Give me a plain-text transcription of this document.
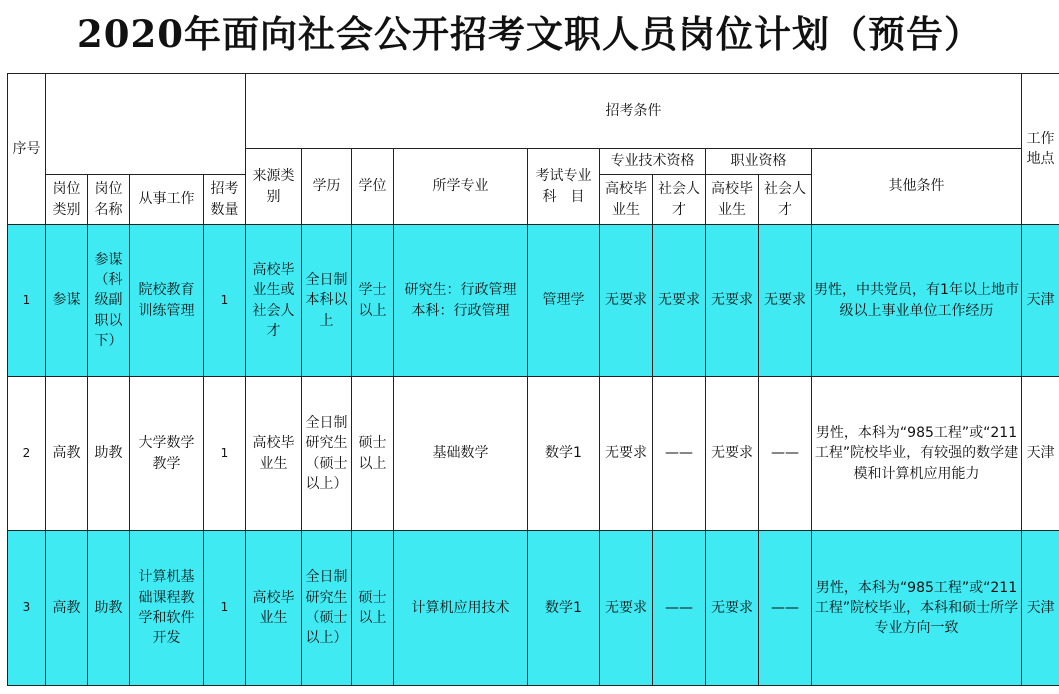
2020年面向社会公开招考文职人员岗位计划（预告）
序号					招考条件										工作地点
					来源类别	学历	学位	所学专业	考试专业科　目	专业技术资格		职业资格		其他条件	
	岗位类别	岗位名称	从事工作	招考数量						高校毕业生	社会人才	高校毕业生	社会人才		
1	参谋	参谋（科级副职以下）	院校教育训练管理	1	高校毕业生或社会人才	全日制本科以上	学士以上	研究生：行政管理
本科：行政管理	管理学	无要求	无要求	无要求	无要求	男性，中共党员，有1年以上地市级以上事业单位工作经历	天津
2	高教	助教	大学数学教学	1	高校毕业生	全日制研究生（硕士以上）	硕士以上	基础数学	数学1	无要求	——	无要求	——	男性，本科为“985工程”或“211工程”院校毕业，有较强的数学建模和计算机应用能力	天津
3	高教	助教	计算机基础课程教学和软件开发	1	高校毕业生	全日制研究生（硕士以上）	硕士以上	计算机应用技术	数学1	无要求	——	无要求	——	男性，本科为“985工程”或“211工程”院校毕业，本科和硕士所学专业方向一致	天津
